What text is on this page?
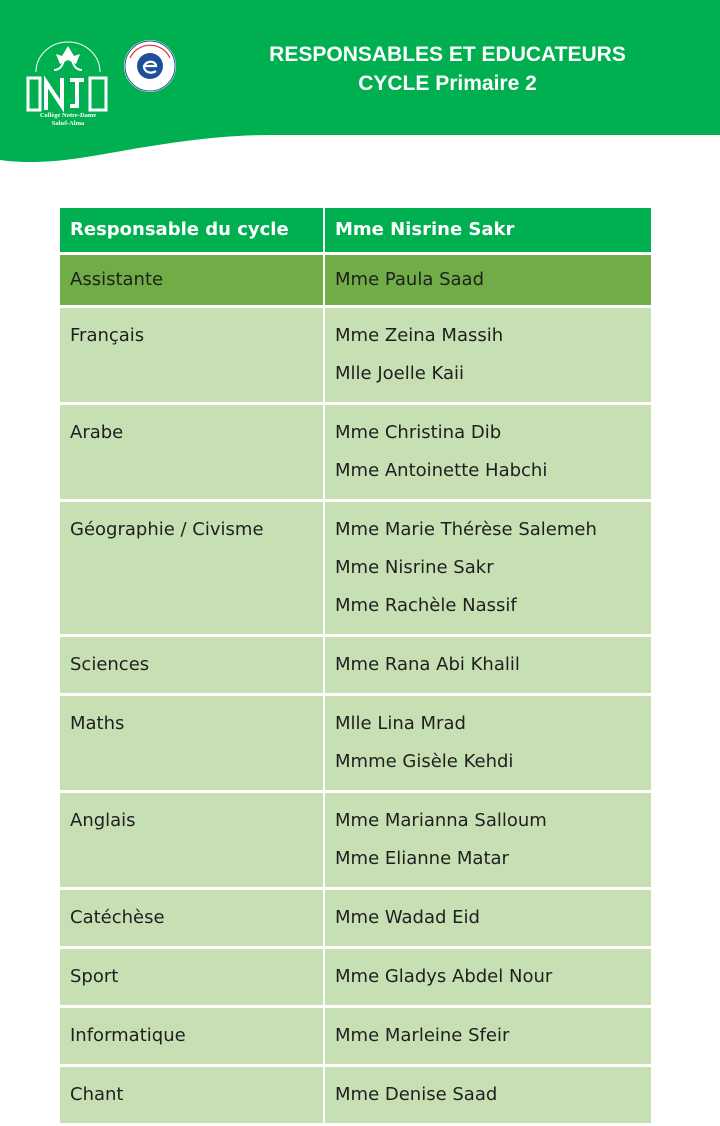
Collège Notre-Dame
Sahel-Alma
RESPONSABLES ET EDUCATEURS
CYCLE Primaire 2
Responsable du cycle	Mme Nisrine Sakr
Assistante	Mme Paula Saad
Français	Mme Zeina Massih
Mlle Joelle Kaii
Arabe	Mme Christina Dib
Mme Antoinette Habchi
Géographie / Civisme	Mme Marie Thérèse Salemeh
Mme Nisrine Sakr
Mme Rachèle Nassif
Sciences	Mme Rana Abi Khalil
Maths	Mlle Lina Mrad
Mmme Gisèle Kehdi
Anglais	Mme Marianna Salloum
Mme Elianne Matar
Catéchèse	Mme Wadad Eid
Sport	Mme Gladys Abdel Nour
Informatique	Mme Marleine Sfeir
Chant	Mme Denise Saad
